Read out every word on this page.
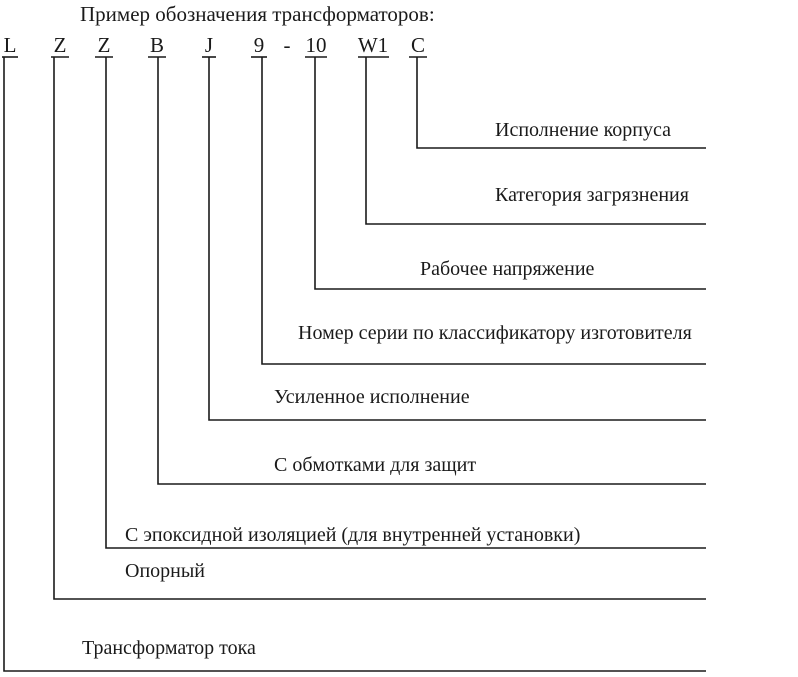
Пример обозначения трансформаторов:
L Z Z B J 9 - 10 W1 C
Исполнение корпуса
Категория загрязнения
Рабочее напряжение
Номер серии по классификатору изготовителя
Усиленное исполнение
С обмотками для защит
С эпоксидной изоляцией (для внутренней установки)
Опорный
Трансформатор тока
